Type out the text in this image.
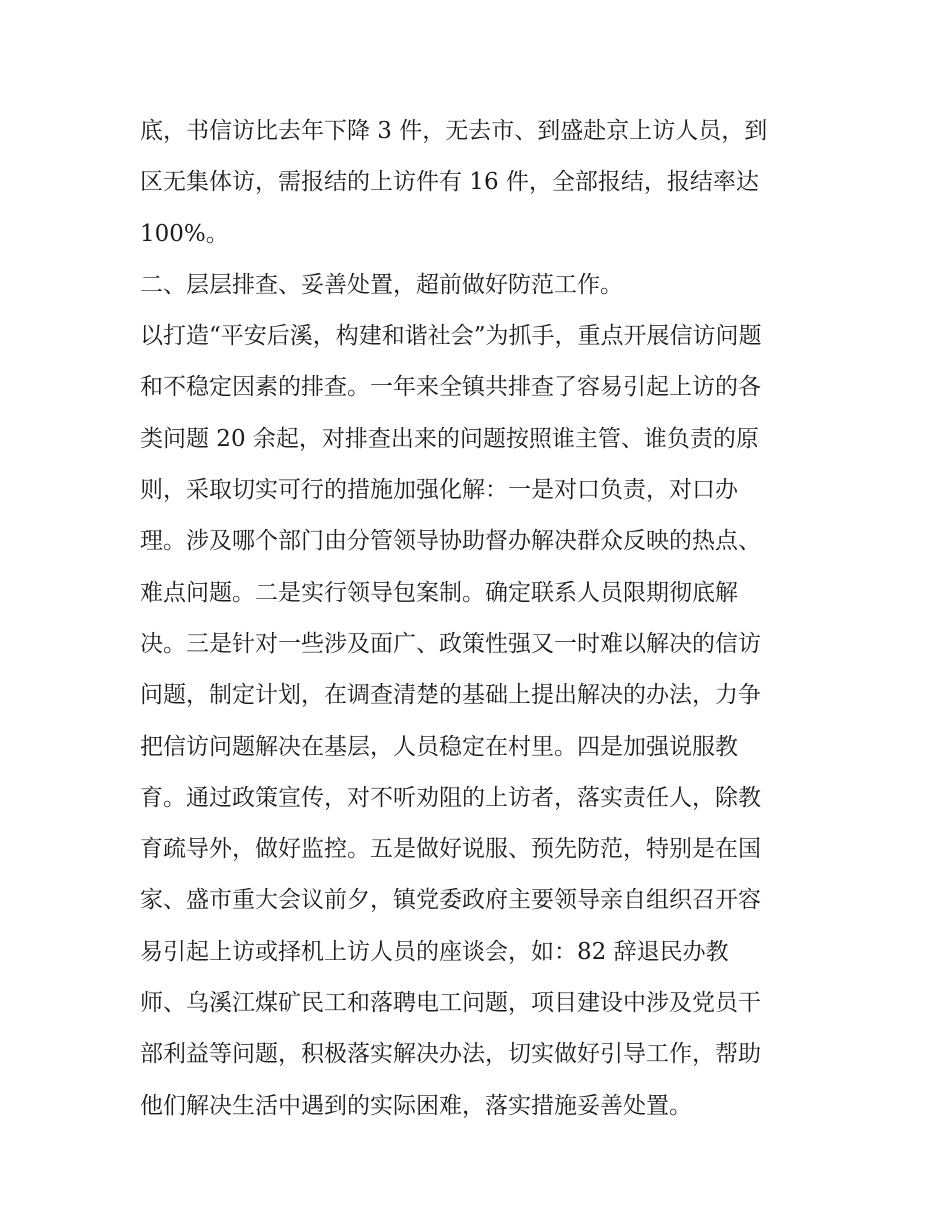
底，书信访比去年下降 3 件，无去市、到盛赴京上访人员，到
区无集体访，需报结的上访件有 16 件，全部报结，报结率达
100%。
二、层层排查、妥善处置，超前做好防范工作。
以打造“平安后溪，构建和谐社会”为抓手，重点开展信访问题
和不稳定因素的排查。一年来全镇共排查了容易引起上访的各
类问题 20 余起，对排查出来的问题按照谁主管、谁负责的原
则，采取切实可行的措施加强化解：一是对口负责，对口办
理。涉及哪个部门由分管领导协助督办解决群众反映的热点、
难点问题。二是实行领导包案制。确定联系人员限期彻底解
决。三是针对一些涉及面广、政策性强又一时难以解决的信访
问题，制定计划，在调查清楚的基础上提出解决的办法，力争
把信访问题解决在基层，人员稳定在村里。四是加强说服教
育。通过政策宣传，对不听劝阻的上访者，落实责任人，除教
育疏导外，做好监控。五是做好说服、预先防范，特别是在国
家、盛市重大会议前夕，镇党委政府主要领导亲自组织召开容
易引起上访或择机上访人员的座谈会，如：82 辞退民办教
师、乌溪江煤矿民工和落聘电工问题，项目建设中涉及党员干
部利益等问题，积极落实解决办法，切实做好引导工作，帮助
他们解决生活中遇到的实际困难，落实措施妥善处置。
